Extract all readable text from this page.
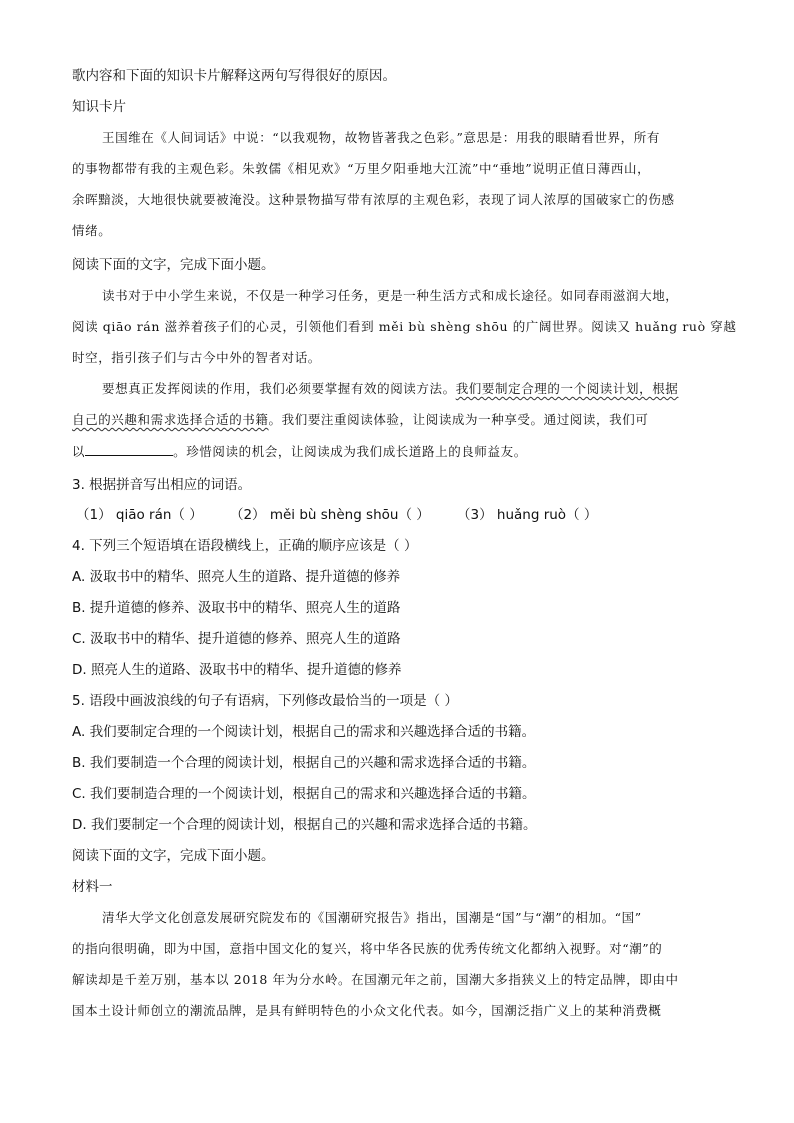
歌内容和下面的知识卡片解释这两句写得很好的原因。
知识卡片
王国维在《人间词话》中说：“以我观物，故物皆著我之色彩。”意思是：用我的眼睛看世界，所有
的事物都带有我的主观色彩。朱敦儒《相见欢》“万里夕阳垂地大江流”中“垂地”说明正值日薄西山，
余晖黯淡，大地很快就要被淹没。这种景物描写带有浓厚的主观色彩，表现了词人浓厚的国破家亡的伤感
情绪。
阅读下面的文字，完成下面小题。
读书对于中小学生来说，不仅是一种学习任务，更是一种生活方式和成长途径。如同春雨滋润大地，
阅读 qiāo rán 滋养着孩子们的心灵，引领他们看到 měi bù shèng shōu 的广阔世界。阅读又 huǎng ruò 穿越
时空，指引孩子们与古今中外的智者对话。
要想真正发挥阅读的作用，我们必须要掌握有效的阅读方法。我们要制定合理的一个阅读计划，根据
自己的兴趣和需求选择合适的书籍。我们要注重阅读体验，让阅读成为一种享受。通过阅读，我们可
以	。珍惜阅读的机会，让阅读成为我们成长道路上的良师益友。
3. 根据拼音写出相应的词语。
（1） qiāo rán（ ）	（2） měi bù shèng shōu（ ）	（3） huǎng ruò（ ）
4. 下列三个短语填在语段横线上，正确的顺序应该是（ ）
A. 汲取书中的精华、照亮人生的道路、提升道德的修养
B. 提升道德的修养、汲取书中的精华、照亮人生的道路
C. 汲取书中的精华、提升道德的修养、照亮人生的道路
D. 照亮人生的道路、汲取书中的精华、提升道德的修养
5. 语段中画波浪线的句子有语病，下列修改最恰当的一项是（ ）
A. 我们要制定合理的一个阅读计划，根据自己的需求和兴趣选择合适的书籍。
B. 我们要制造一个合理的阅读计划，根据自己的兴趣和需求选择合适的书籍。
C. 我们要制造合理的一个阅读计划，根据自己的需求和兴趣选择合适的书籍。
D. 我们要制定一个合理的阅读计划，根据自己的兴趣和需求选择合适的书籍。
阅读下面的文字，完成下面小题。
材料一
清华大学文化创意发展研究院发布的《国潮研究报告》指出，国潮是“国”与“潮”的相加。“国”
的指向很明确，即为中国，意指中国文化的复兴，将中华各民族的优秀传统文化都纳入视野。对“潮”的
解读却是千差万别，基本以 2018 年为分水岭。在国潮元年之前，国潮大多指狭义上的特定品牌，即由中
国本土设计师创立的潮流品牌，是具有鲜明特色的小众文化代表。如今，国潮泛指广义上的某种消费概
